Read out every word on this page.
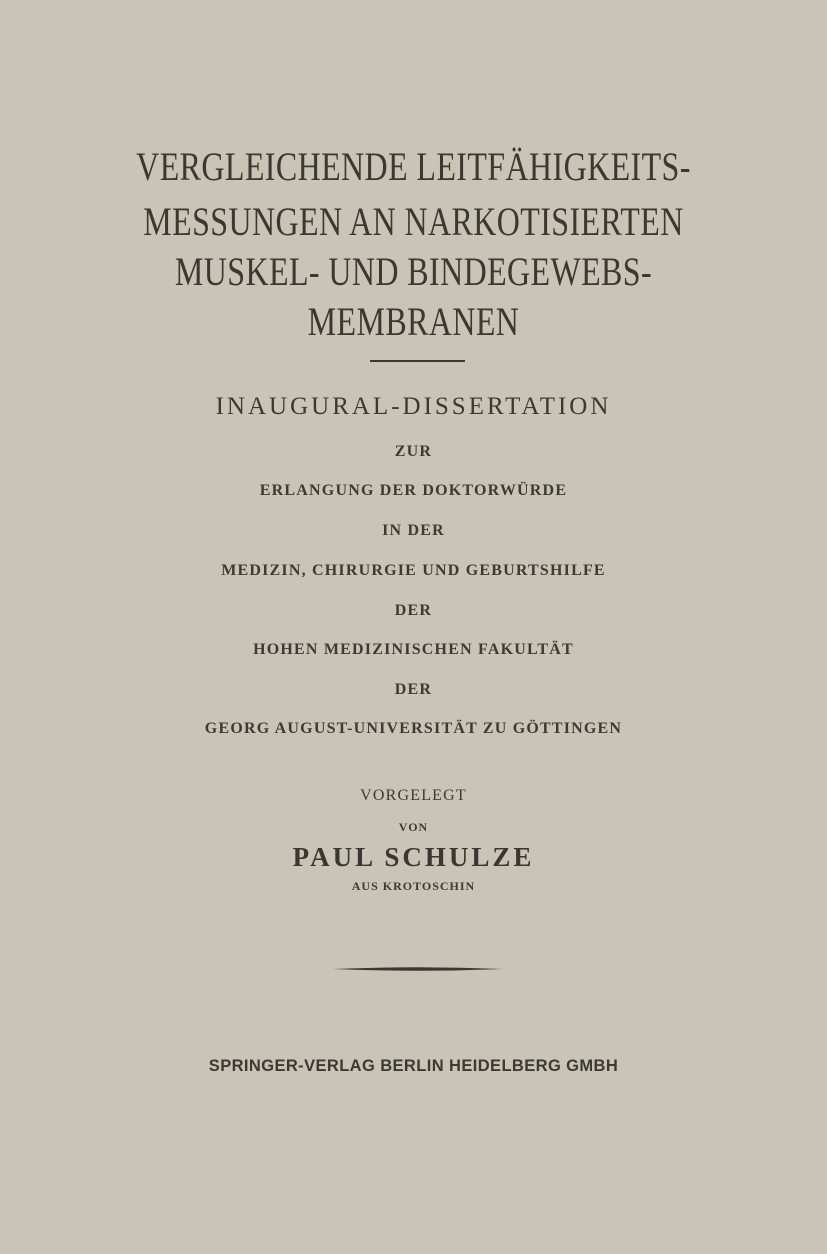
VERGLEICHENDE LEITFÄHIGKEITS-
MESSUNGEN AN NARKOTISIERTEN
MUSKEL- UND BINDEGEWEBS-
MEMBRANEN
INAUGURAL-DISSERTATION
ZUR
ERLANGUNG DER DOKTORWÜRDE
IN DER
MEDIZIN, CHIRURGIE UND GEBURTSHILFE
DER
HOHEN MEDIZINISCHEN FAKULTÄT
DER
GEORG AUGUST-UNIVERSITÄT ZU GÖTTINGEN
VORGELEGT
VON
PAUL SCHULZE
AUS KROTOSCHIN
SPRINGER-VERLAG BERLIN HEIDELBERG GMBH
